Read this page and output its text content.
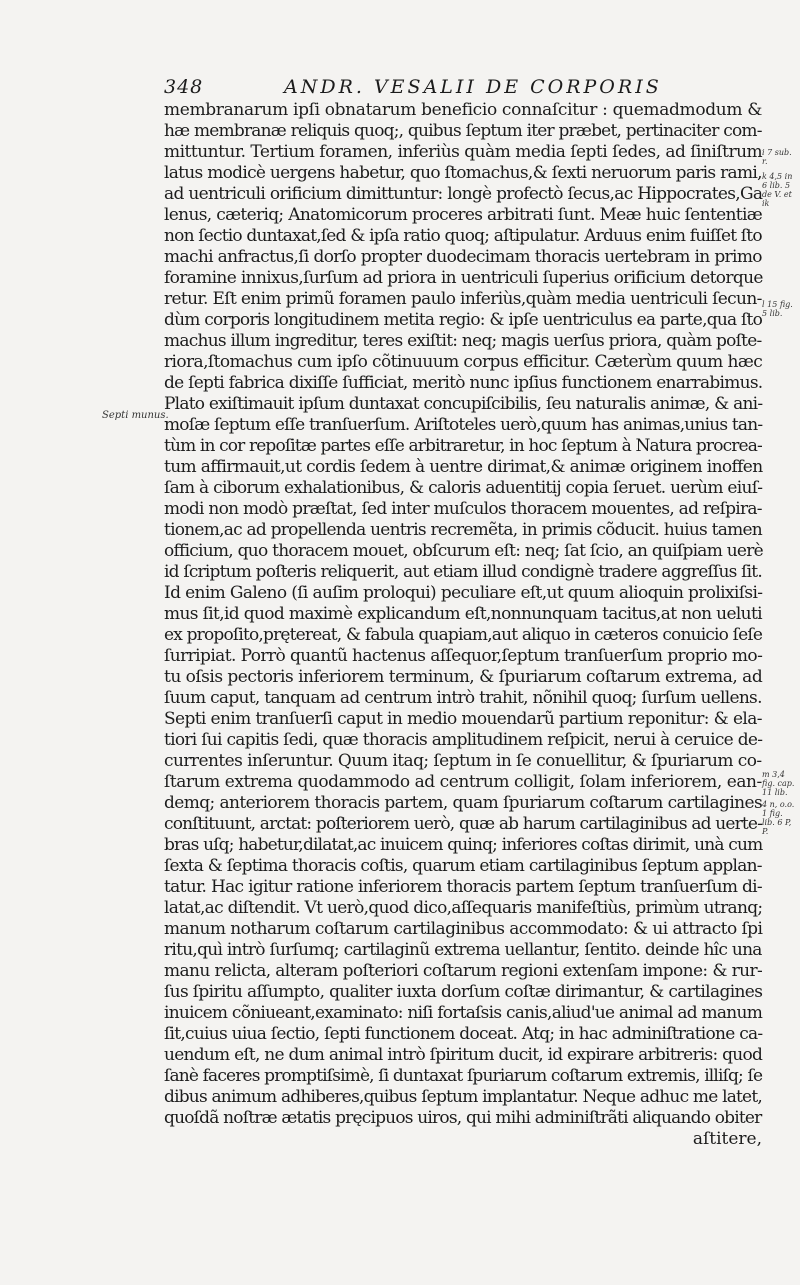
348	ANDR. VESALII DE CORPORIS
Septi munus.
i 7 sub. r.
k 4,5 in 6 lib. 5 de V. et ik
l 15 fig. 5 lib.
m 3,4 fig. cap. 11 lib.
4 n, o.o. 1 fig. lib. 6 P, P.
membranarum ipſi obnatarum beneficio connaſcitur : quemadmodum &
hæ membranæ reliquis quoq;, quibus ſeptum iter præbet, pertinaciter com-
mittuntur. Tertium foramen, inferiùs quàm media ſepti ſedes, ad ſiniſtrum
latus modicè uergens habetur, quo ſtomachus,& ſexti neruorum paris rami,
ad uentriculi orificium dimittuntur: longè profectò ſecus,ac Hippocrates,Ga
lenus, cæteriq; Anatomicorum proceres arbitrati ſunt. Meæ huic ſententiæ
non ſectio duntaxat,ſed & ipſa ratio quoq; aſtipulatur. Arduus enim fuiſſet ſto
machi anfractus,ſi dorſo propter duodecimam thoracis uertebram in primo
foramine innixus,ſurſum ad priora in uentriculi ſuperius orificium detorque
retur. Eſt enim primũ foramen paulo inferiùs,quàm media uentriculi ſecun-
dùm corporis longitudinem metita regio: & ipſe uentriculus ea parte,qua ſto
machus illum ingreditur, teres exiſtit: neq; magis uerſus priora, quàm poſte-
riora,ſtomachus cum ipſo cõtinuuum corpus efficitur. Cæterùm quum hæc
de ſepti fabrica dixiſſe ſufficiat, meritò nunc ipſius functionem enarrabimus.
Plato exiſtimauit ipſum duntaxat concupiſcibilis, ſeu naturalis animæ, & ani-
moſæ ſeptum eſſe tranſuerſum. Ariſtoteles uerò,quum has animas,unius tan-
tùm in cor repoſitæ partes eſſe arbitraretur, in hoc ſeptum à Natura procrea-
tum affirmauit,ut cordis ſedem à uentre dirimat,& animæ originem inoffen
ſam à ciborum exhalationibus, & caloris aduentitij copia ſeruet. uerùm eiuſ-
modi non modò præſtat, ſed inter muſculos thoracem mouentes, ad reſpira-
tionem,ac ad propellenda uentris recremẽta, in primis cõducit. huius tamen
officium, quo thoracem mouet, obſcurum eſt: neq; ſat ſcio, an quiſpiam uerè
id ſcriptum poſteris reliquerit, aut etiam illud condignè tradere aggreſſus ſit.
Id enim Galeno (ſi auſim proloqui) peculiare eſt,ut quum alioquin prolixiſsi-
mus ſit,id quod maximè explicandum eſt,nonnunquam tacitus,at non ueluti
ex propoſito,prętereat, & fabula quapiam,aut aliquo in cæteros conuicio ſeſe
ſurripiat. Porrò quantũ hactenus aſſequor,ſeptum tranſuerſum proprio mo-
tu oſsis pectoris inferiorem terminum, & ſpuriarum coſtarum extrema, ad
ſuum caput, tanquam ad centrum intrò trahit, nõnihil quoq; ſurſum uellens.
Septi enim tranſuerſi caput in medio mouendarũ partium reponitur: & ela-
tiori ſui capitis ſedi, quæ thoracis amplitudinem reſpicit, nerui à ceruice de-
currentes inſeruntur. Quum itaq; ſeptum in ſe conuellitur, & ſpuriarum co-
ſtarum extrema quodammodo ad centrum colligit, ſolam inferiorem, ean-
demq; anteriorem thoracis partem, quam ſpuriarum coſtarum cartilagines
conſtituunt, arctat: poſteriorem uerò, quæ ab harum cartilaginibus ad uerte-
bras uſq; habetur,dilatat,ac inuicem quinq; inferiores coſtas dirimit, unà cum
ſexta & ſeptima thoracis coſtis, quarum etiam cartilaginibus ſeptum applan-
tatur. Hac igitur ratione inferiorem thoracis partem ſeptum tranſuerſum di-
latat,ac diſtendit. Vt uerò,quod dico,aſſequaris manifeſtiùs, primùm utranq;
manum notharum coſtarum cartilaginibus accommodato: & ui attracto ſpi
ritu,quì intrò ſurſumq; cartilaginũ extrema uellantur, ſentito. deinde hîc una
manu relicta, alteram poſteriori coſtarum regioni extenſam impone: & rur-
ſus ſpiritu aſſumpto, qualiter iuxta dorſum coſtæ dirimantur, & cartilagines
inuicem cõniueant,examinato: niſi fortaſsis canis,aliud'ue animal ad manum
ſit,cuius uiua ſectio, ſepti functionem doceat. Atq; in hac adminiſtratione ca-
uendum eſt, ne dum animal intrò ſpiritum ducit, id expirare arbitreris: quod
ſanè faceres promptiſsimè, ſi duntaxat ſpuriarum coſtarum extremis, illiſq; ſe
dibus animum adhiberes,quibus ſeptum implantatur. Neque adhuc me latet,
quoſdã noſtræ ætatis pręcipuos uiros, qui mihi adminiſtrãti aliquando obiter
aſtitere,
